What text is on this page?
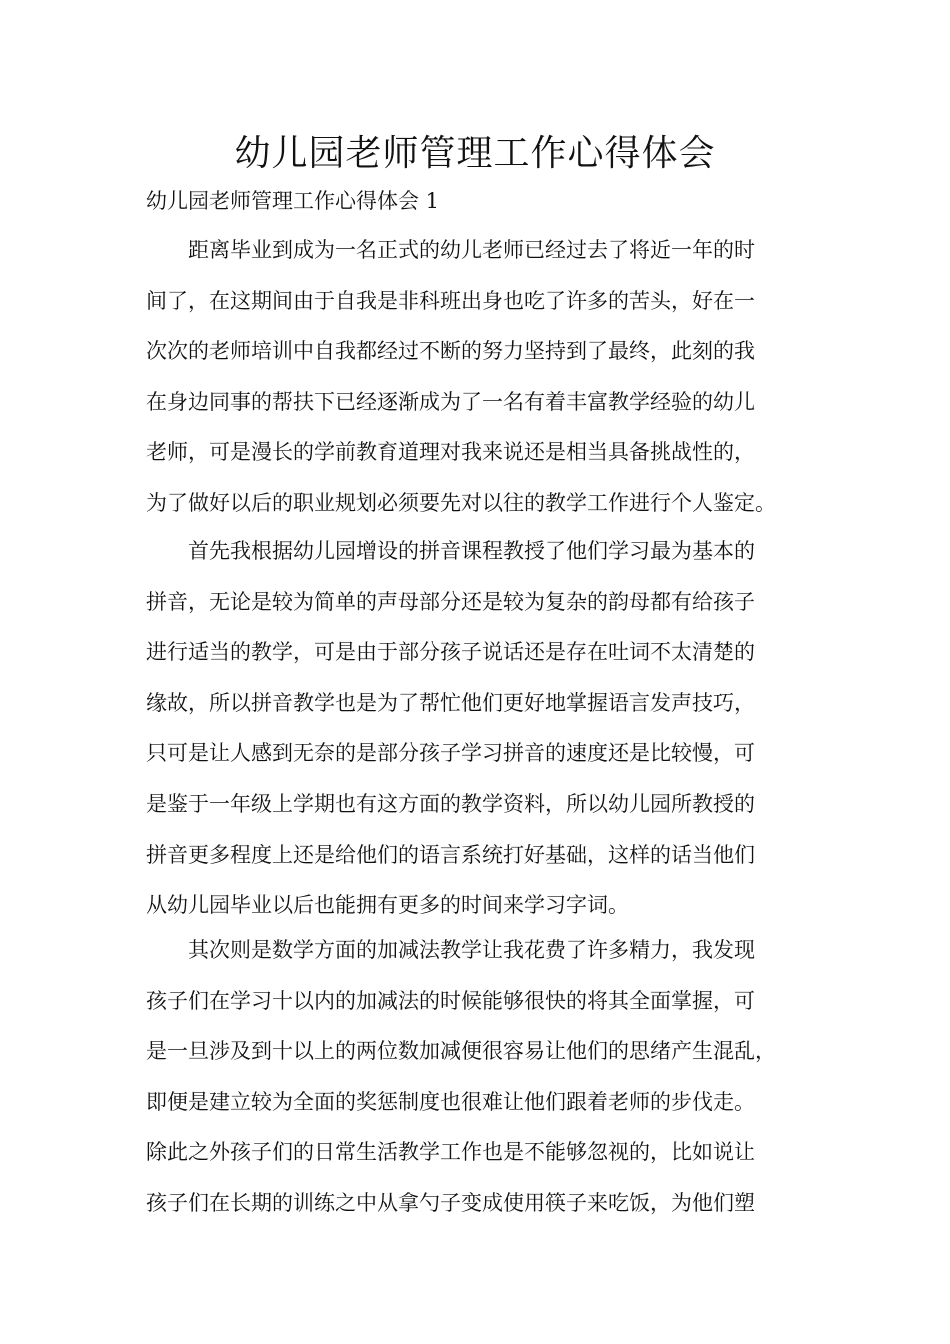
幼儿园老师管理工作心得体会
幼儿园老师管理工作心得体会 1
距离毕业到成为一名正式的幼儿老师已经过去了将近一年的时
间了，在这期间由于自我是非科班出身也吃了许多的苦头，好在一
次次的老师培训中自我都经过不断的努力坚持到了最终，此刻的我
在身边同事的帮扶下已经逐渐成为了一名有着丰富教学经验的幼儿
老师，可是漫长的学前教育道理对我来说还是相当具备挑战性的，
为了做好以后的职业规划必须要先对以往的教学工作进行个人鉴定。
首先我根据幼儿园增设的拼音课程教授了他们学习最为基本的
拼音，无论是较为简单的声母部分还是较为复杂的韵母都有给孩子
进行适当的教学，可是由于部分孩子说话还是存在吐词不太清楚的
缘故，所以拼音教学也是为了帮忙他们更好地掌握语言发声技巧，
只可是让人感到无奈的是部分孩子学习拼音的速度还是比较慢，可
是鉴于一年级上学期也有这方面的教学资料，所以幼儿园所教授的
拼音更多程度上还是给他们的语言系统打好基础，这样的话当他们
从幼儿园毕业以后也能拥有更多的时间来学习字词。
其次则是数学方面的加减法教学让我花费了许多精力，我发现
孩子们在学习十以内的加减法的时候能够很快的将其全面掌握，可
是一旦涉及到十以上的两位数加减便很容易让他们的思绪产生混乱，
即便是建立较为全面的奖惩制度也很难让他们跟着老师的步伐走。
除此之外孩子们的日常生活教学工作也是不能够忽视的，比如说让
孩子们在长期的训练之中从拿勺子变成使用筷子来吃饭，为他们塑
